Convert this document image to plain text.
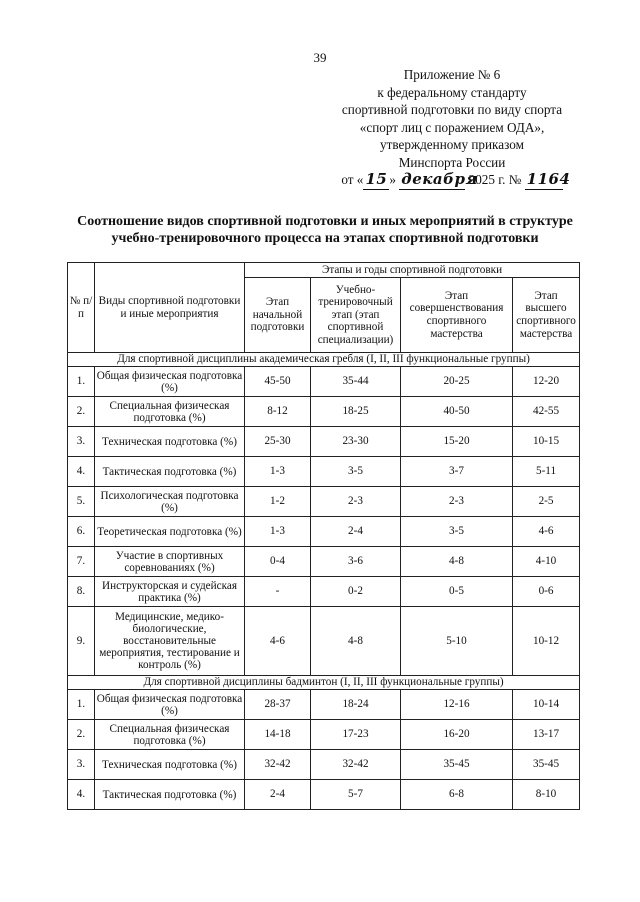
39
Приложение № 6
к федеральному стандарту
спортивной подготовки по виду спорта
«спорт лиц с поражением ОДА»,
утвержденному приказом
Минспорта России
от « 15 » декабря 2025 г. № 1164
Соотношение видов спортивной подготовки и иных мероприятий в структуре
учебно-тренировочного процесса на этапах спортивной подготовки
№ п/п	Виды спортивной подготовки и иные мероприятия	Этапы и годы спортивной подготовки			
		Этап начальной подготовки	Учебно-тренировочный этап (этап спортивной специализации)	Этап совершенствования спортивного мастерства	Этап высшего спортивного мастерства
Для спортивной дисциплины академическая гребля (I, II, III функциональные группы)					
1.	Общая физическая подготовка (%)	45-50	35-44	20-25	12-20
2.	Специальная физическая подготовка (%)	8-12	18-25	40-50	42-55
3.	Техническая подготовка (%)	25-30	23-30	15-20	10-15
4.	Тактическая подготовка (%)	1-3	3-5	3-7	5-11
5.	Психологическая подготовка (%)	1-2	2-3	2-3	2-5
6.	Теоретическая подготовка (%)	1-3	2-4	3-5	4-6
7.	Участие в спортивных соревнованиях (%)	0-4	3-6	4-8	4-10
8.	Инструкторская и судейская практика (%)	-	0-2	0-5	0-6
9.	Медицинские, медико-биологические, восстановительные мероприятия, тестирование и контроль (%)	4-6	4-8	5-10	10-12
Для спортивной дисциплины бадминтон (I, II, III функциональные группы)					
1.	Общая физическая подготовка (%)	28-37	18-24	12-16	10-14
2.	Специальная физическая подготовка (%)	14-18	17-23	16-20	13-17
3.	Техническая подготовка (%)	32-42	32-42	35-45	35-45
4.	Тактическая подготовка (%)	2-4	5-7	6-8	8-10
